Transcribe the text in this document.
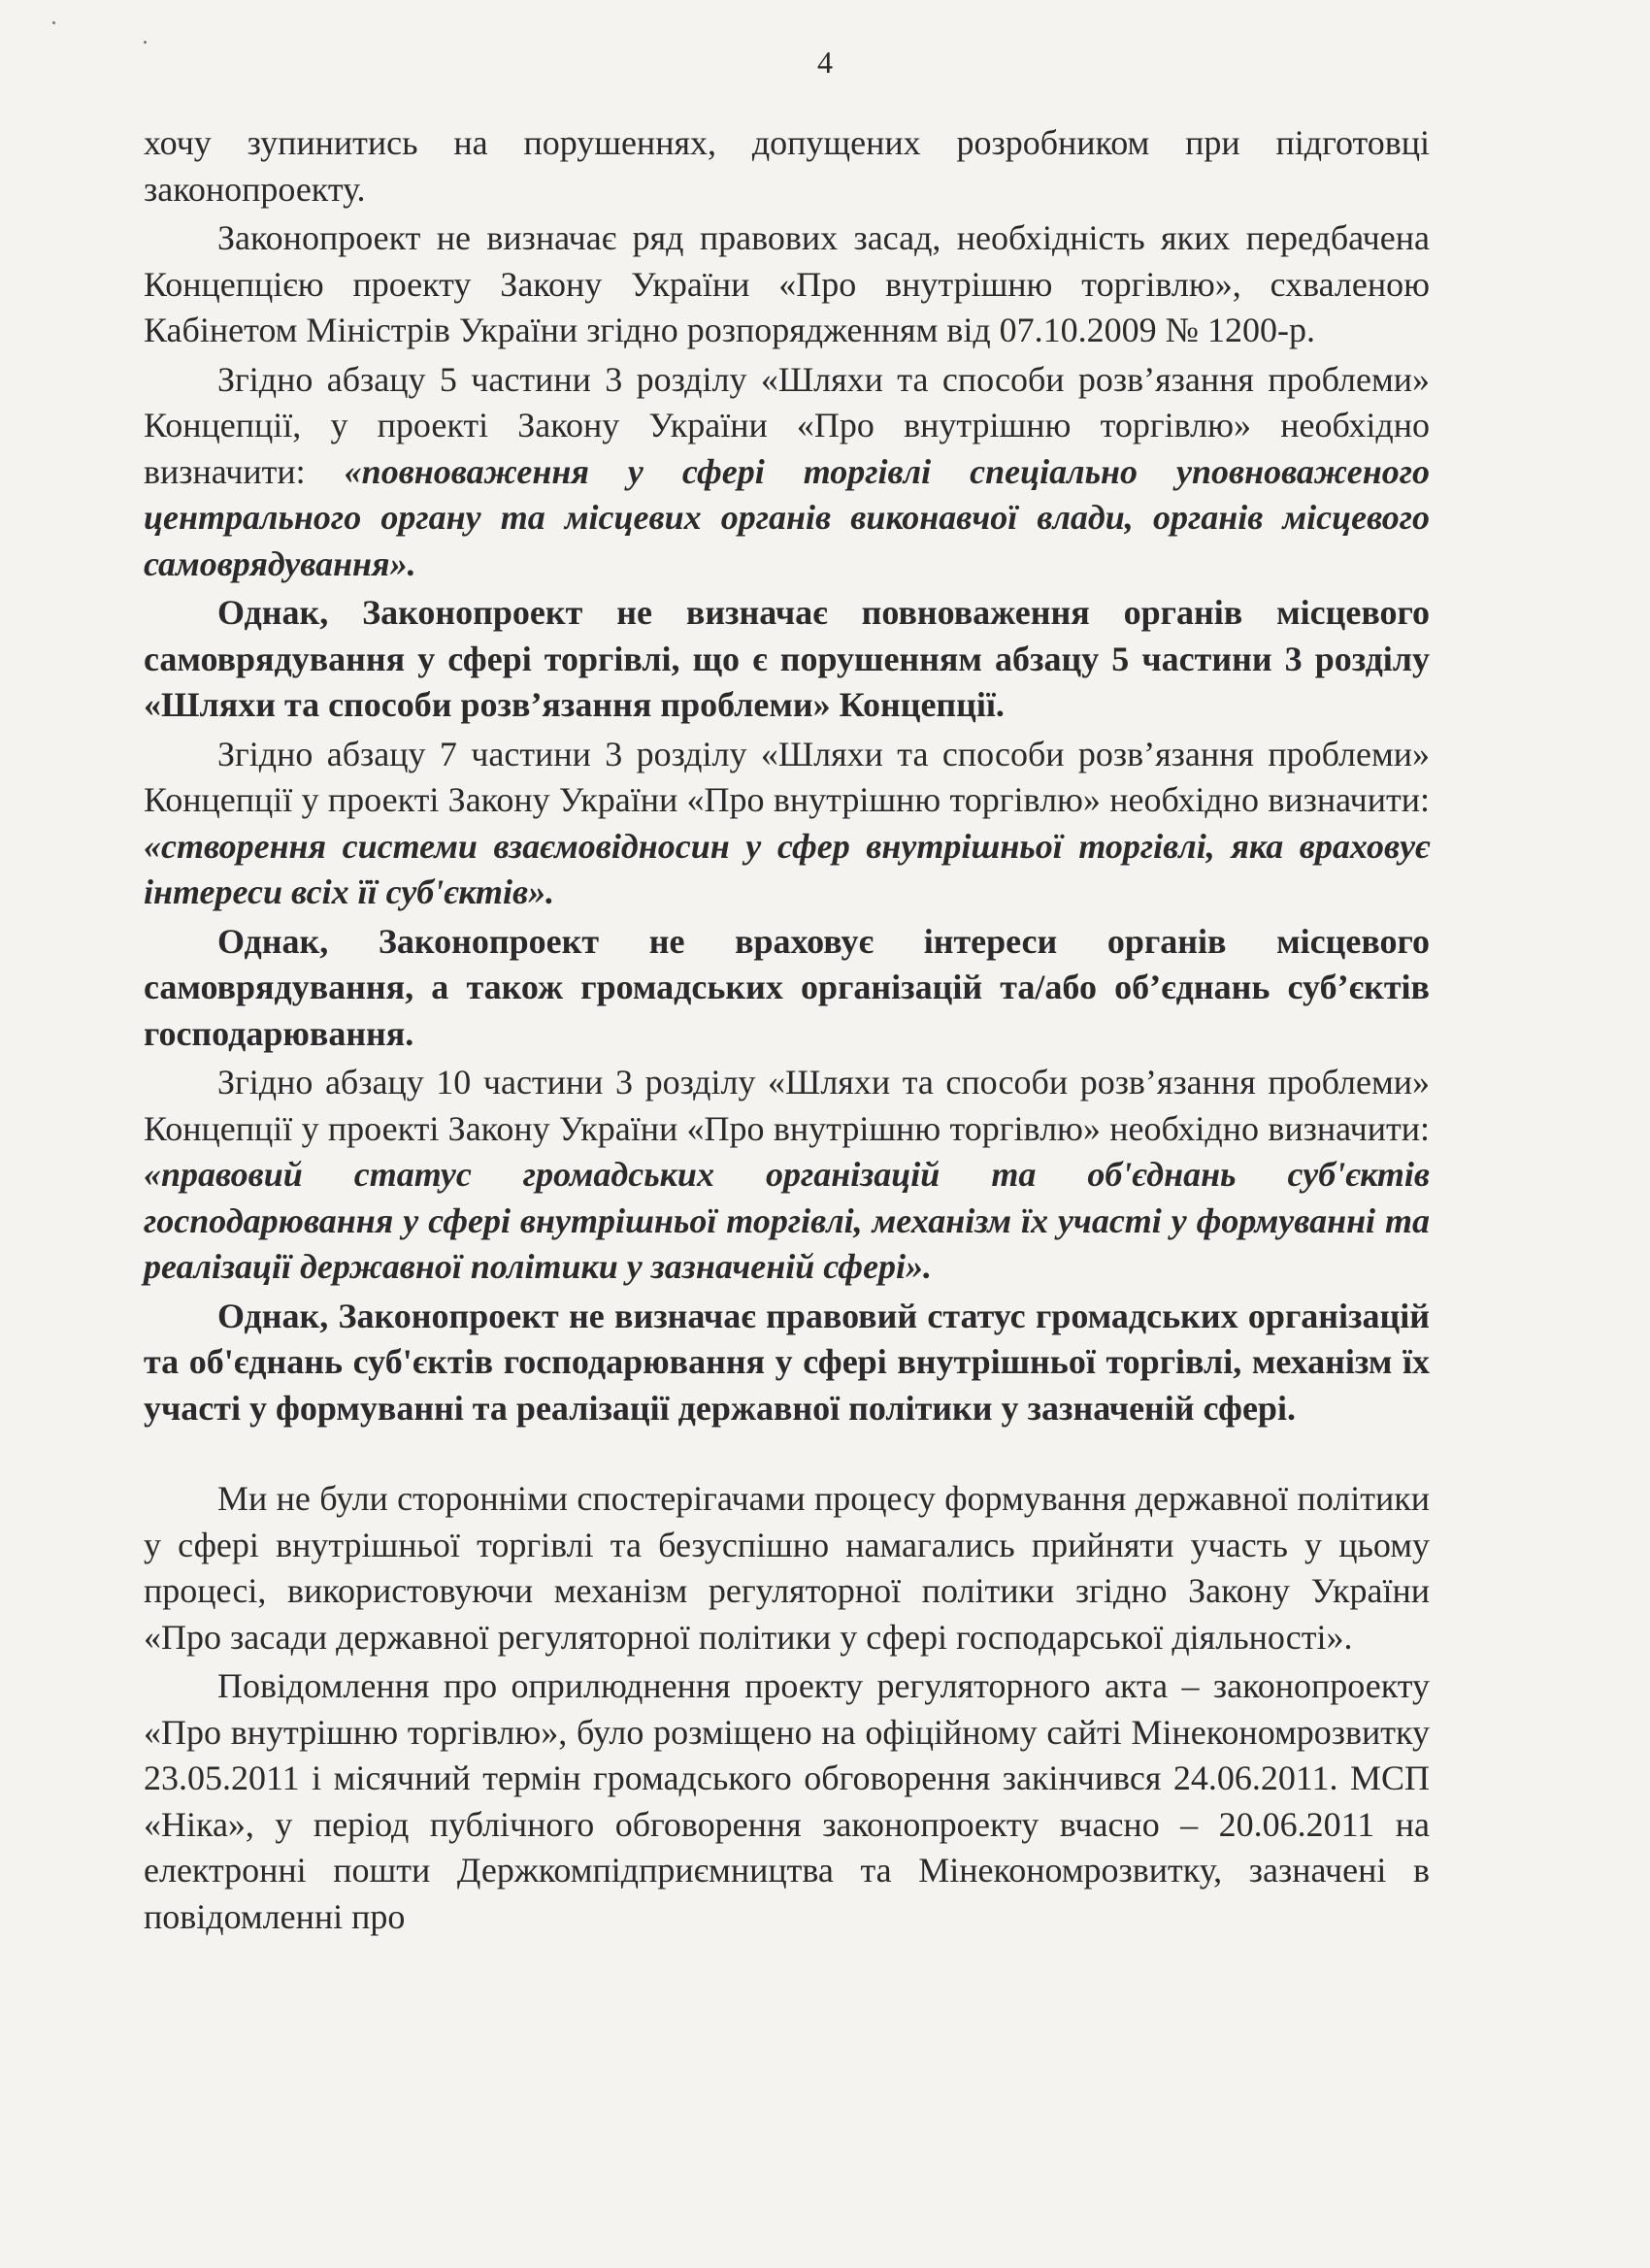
4

хочу зупинитись на порушеннях, допущених розробником при підготовці законопроекту.

Законопроект не визначає ряд правових засад, необхідність яких передбачена Концепцією проекту Закону України «Про внутрішню торгівлю», схваленою Кабінетом Міністрів України згідно розпорядженням від 07.10.2009 № 1200-р.

Згідно абзацу 5 частини 3 розділу «Шляхи та способи розв’язання проблеми» Концепції, у проекті Закону України «Про внутрішню торгівлю» необхідно визначити: «повноваження у сфері торгівлі спеціально уповноваженого центрального органу та місцевих органів виконавчої влади, органів місцевого самоврядування».

Однак, Законопроект не визначає повноваження органів місцевого самоврядування у сфері торгівлі, що є порушенням абзацу 5 частини 3 розділу «Шляхи та способи розв’язання проблеми» Концепції.

Згідно абзацу 7 частини 3 розділу «Шляхи та способи розв’язання проблеми» Концепції у проекті Закону України «Про внутрішню торгівлю» необхідно визначити: «створення системи взаємовідносин у сфер внутрішньої торгівлі, яка враховує інтереси всіх її суб'єктів».

Однак, Законопроект не враховує інтереси органів місцевого самоврядування, а також громадських організацій та/або об’єднань суб’єктів господарювання.

Згідно абзацу 10 частини 3 розділу «Шляхи та способи розв’язання проблеми» Концепції у проекті Закону України «Про внутрішню торгівлю» необхідно визначити: «правовий статус громадських організацій та об'єднань суб'єктів господарювання у сфері внутрішньої торгівлі, механізм їх участі у формуванні та реалізації державної політики у зазначеній сфері».

Однак, Законопроект не визначає правовий статус громадських організацій та об'єднань суб'єктів господарювання у сфері внутрішньої торгівлі, механізм їх участі у формуванні та реалізації державної політики у зазначеній сфері.

Ми не були сторонніми спостерігачами процесу формування державної політики у сфері внутрішньої торгівлі та безуспішно намагались прийняти участь у цьому процесі, використовуючи механізм регуляторної політики згідно Закону України «Про засади державної регуляторної політики у сфері господарської діяльності».

Повідомлення про оприлюднення проекту регуляторного акта – законопроекту «Про внутрішню торгівлю», було розміщено на офіційному сайті Мінекономрозвитку 23.05.2011 і місячний термін громадського обговорення закінчився 24.06.2011. МСП «Ніка», у період публічного обговорення законопроекту вчасно – 20.06.2011 на електронні пошти Держкомпідприємництва та Мінекономрозвитку, зазначені в повідомленні про
